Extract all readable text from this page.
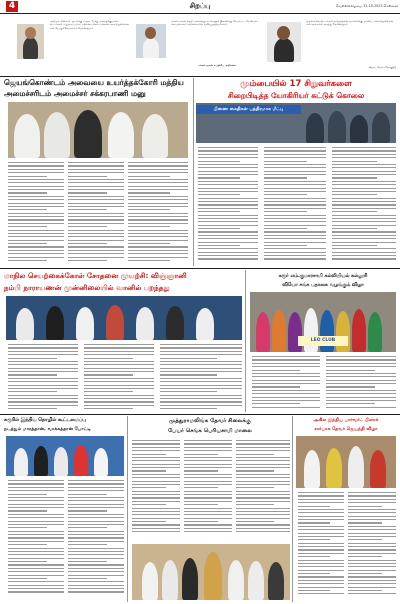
4	சிறப்பு	வெள்ளிக்கிழமை 31.10.2025 சென்னை
அதிமுக மீண்டும் ஆட்சிக்கு வரும் போது மக்களுக்கு நல்ல திட்டங்கள் வழங்கப்படும்; எதிர்க்கட்சிகள் மக்களை ஏமாற்றுகின்றன என பொதுச்செயலாளர் தெரிவித்தார்.
மக்கள் நலன் கருதி அனைத்து கட்சிகளும் இணைந்து செயல்பட வேண்டும் என தலைவர் அறிக்கையில் வலியுறுத்தியுள்ளார்.
மக்கள் நலன் கருதியே அறிக்கை
முதல்வரின் திட்டங்கள் தமிழகத்தின் வளர்ச்சிக்கு முக்கிய பங்காற்றுகின்றன என அமைச்சர் கருத்து தெரிவித்தார்.
விஜய நேரம் (தொகுதி)
ஜெயங்கொண்டம் அவையை உயர்த்தக்கோரி மத்திய அமைச்சரிடம் அமைச்சர் சக்கரபாணி மனு
மும்பையில் 17 சிறுவர்களை
சிறைபிடித்த யோகிரியர் சுட்டுக் கொலை
பிணை கைதிகள் பத்திரமாக மீட்பு
மாநில செயற்கைக்கோள் சோதனை முயற்சி: விஞ்ஞானி
நம்பி நாராயணன் முன்னிலையில் வானில் பறந்தது
கரூர் எம்.குமாரசாமி கல்லியியல் கல்லூரி
வியோ சங்க பதாகை வழங்கும் விழா
LEO CLUB
கரூரில் இந்திய தொழில் கூட்டமைப்பு
நடத்தும் மாரத்தான், வாக்கத்தான் போட்டி
முத்துராமலிங்க தேவர் சிலைக்கு
பேயர் செங்க பெரியசாமி மாலை
அகில இந்திய பார்வர்ட் பிளாக்
சார்பாக தேவர் ஜெயந்தி விழா
